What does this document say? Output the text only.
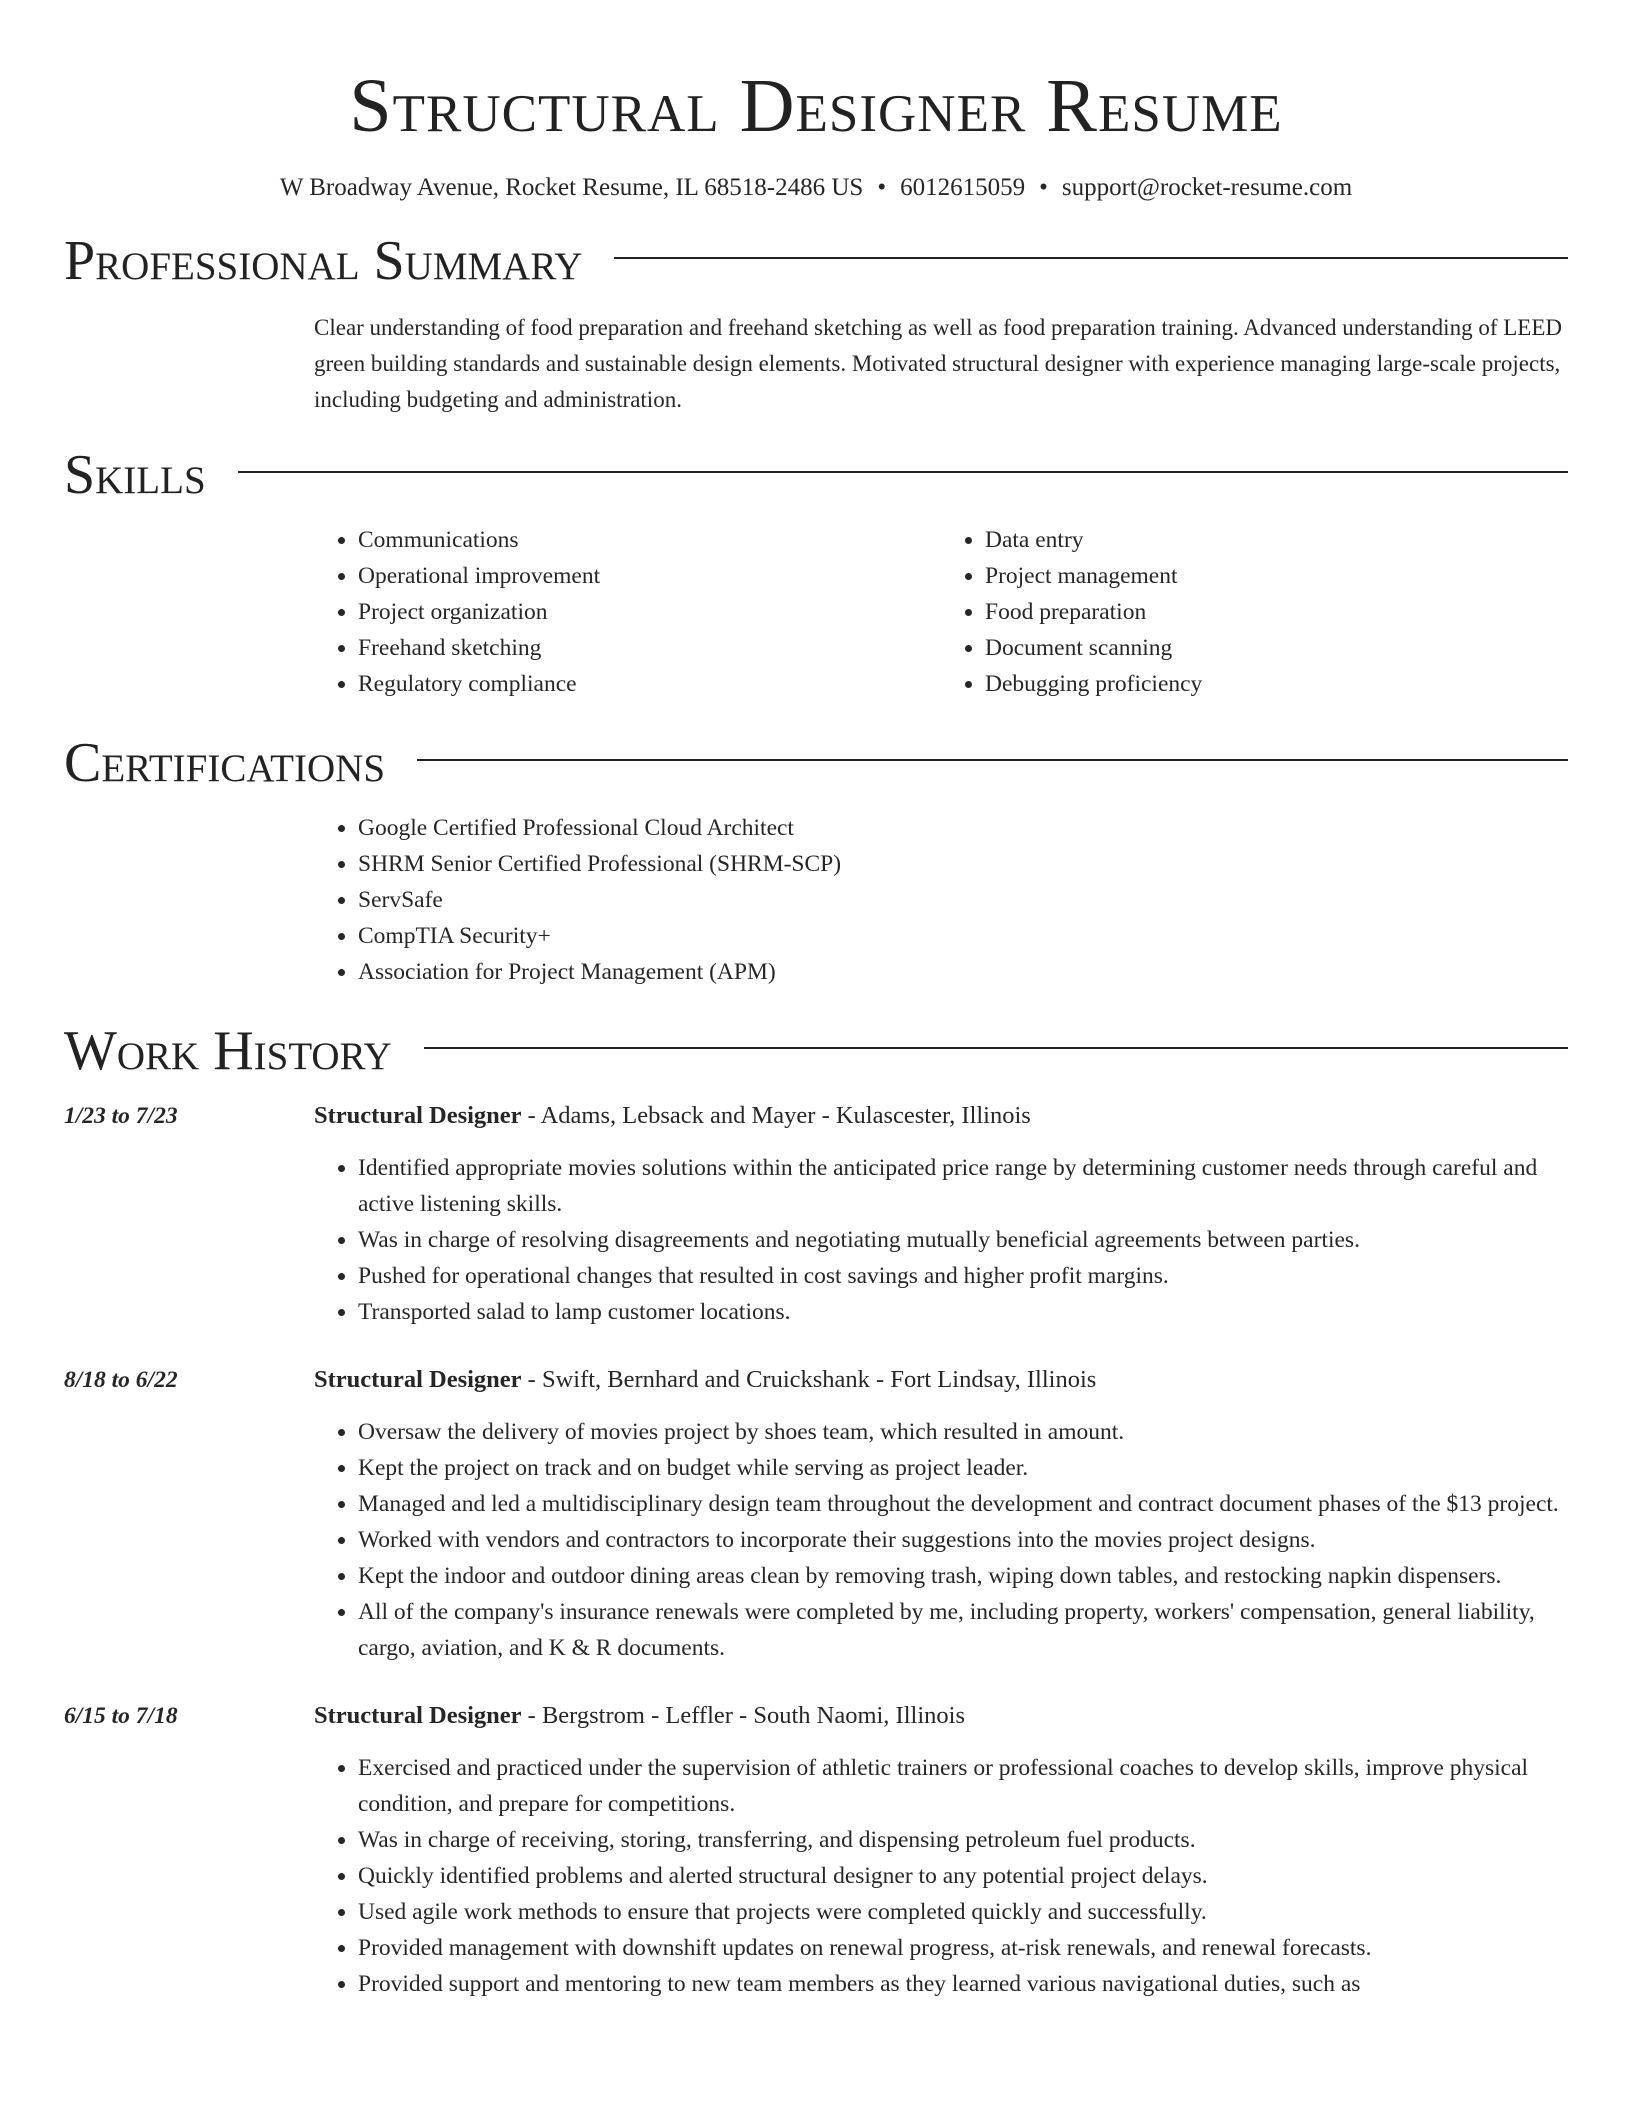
Structural Designer Resume
W Broadway Avenue, Rocket Resume, IL 68518-2486 US • 6012615059 • support@rocket-resume.com
Professional Summary
Clear understanding of food preparation and freehand sketching as well as food preparation training. Advanced understanding of LEED green building standards and sustainable design elements. Motivated structural designer with experience managing large-scale projects, including budgeting and administration.
Skills
• Communications
• Operational improvement
• Project organization
• Freehand sketching
• Regulatory compliance
• Data entry
• Project management
• Food preparation
• Document scanning
• Debugging proficiency
Certifications
• Google Certified Professional Cloud Architect
• SHRM Senior Certified Professional (SHRM-SCP)
• ServSafe
• CompTIA Security+
• Association for Project Management (APM)
Work History
1/23 to 7/23	Structural Designer - Adams, Lebsack and Mayer - Kulascester, Illinois
• Identified appropriate movies solutions within the anticipated price range by determining customer needs through careful and active listening skills.
• Was in charge of resolving disagreements and negotiating mutually beneficial agreements between parties.
• Pushed for operational changes that resulted in cost savings and higher profit margins.
• Transported salad to lamp customer locations.
8/18 to 6/22	Structural Designer - Swift, Bernhard and Cruickshank - Fort Lindsay, Illinois
• Oversaw the delivery of movies project by shoes team, which resulted in amount.
• Kept the project on track and on budget while serving as project leader.
• Managed and led a multidisciplinary design team throughout the development and contract document phases of the $13 project.
• Worked with vendors and contractors to incorporate their suggestions into the movies project designs.
• Kept the indoor and outdoor dining areas clean by removing trash, wiping down tables, and restocking napkin dispensers.
• All of the company's insurance renewals were completed by me, including property, workers' compensation, general liability, cargo, aviation, and K & R documents.
6/15 to 7/18	Structural Designer - Bergstrom - Leffler - South Naomi, Illinois
• Exercised and practiced under the supervision of athletic trainers or professional coaches to develop skills, improve physical condition, and prepare for competitions.
• Was in charge of receiving, storing, transferring, and dispensing petroleum fuel products.
• Quickly identified problems and alerted structural designer to any potential project delays.
• Used agile work methods to ensure that projects were completed quickly and successfully.
• Provided management with downshift updates on renewal progress, at-risk renewals, and renewal forecasts.
• Provided support and mentoring to new team members as they learned various navigational duties, such as
